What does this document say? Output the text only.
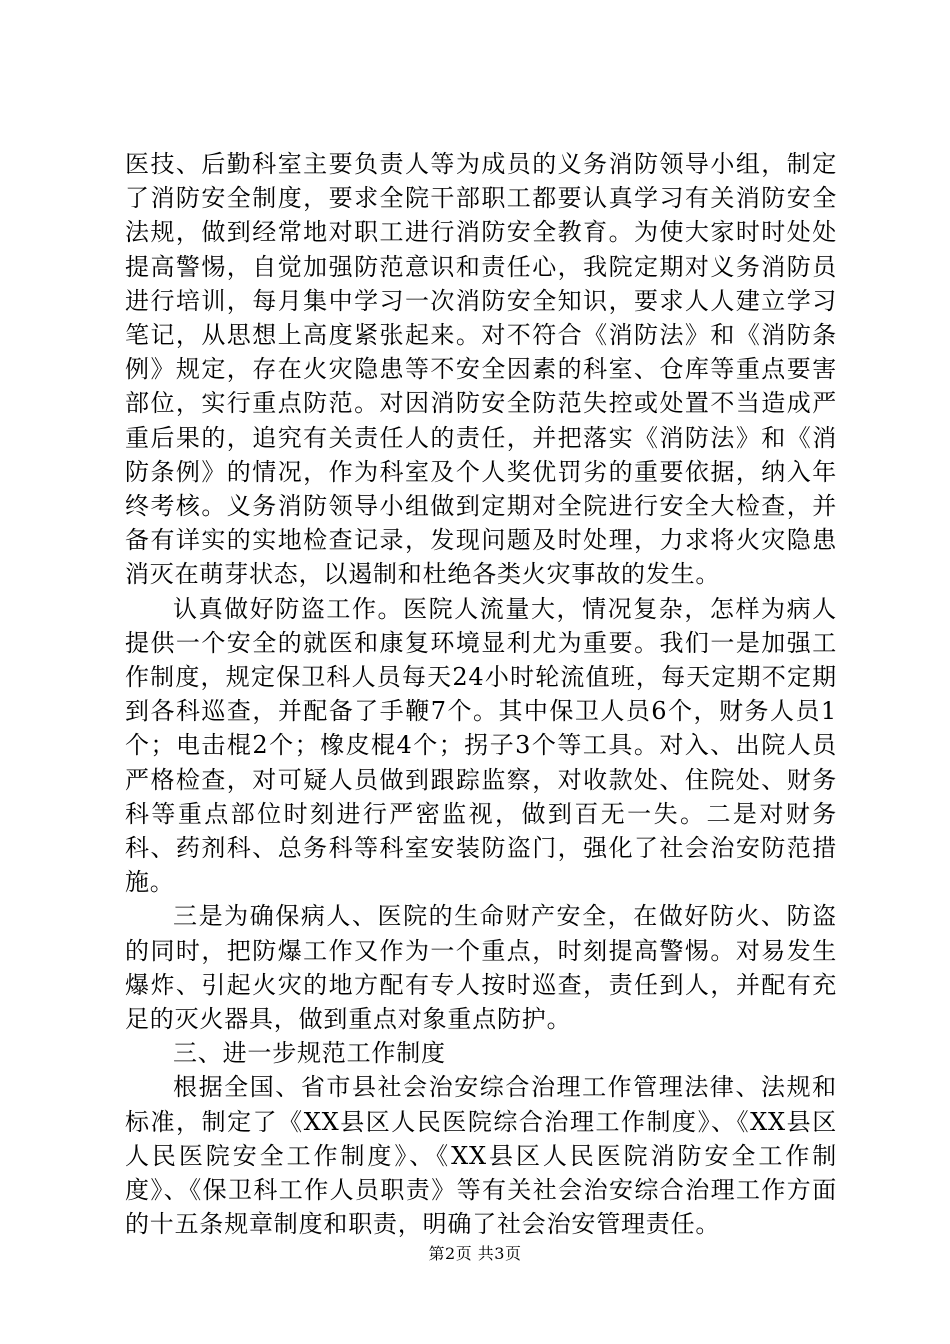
医技、后勤科室主要负责人等为成员的义务消防领导小组，制定了消防安全制度，要求全院干部职工都要认真学习有关消防安全法规，做到经常地对职工进行消防安全教育。为使大家时时处处提高警惕，自觉加强防范意识和责任心，我院定期对义务消防员进行培训，每月集中学习一次消防安全知识，要求人人建立学习笔记，从思想上高度紧张起来。对不符合《消防法》和《消防条例》规定，存在火灾隐患等不安全因素的科室、仓库等重点要害部位，实行重点防范。对因消防安全防范失控或处置不当造成严重后果的，追究有关责任人的责任，并把落实《消防法》和《消防条例》的情况，作为科室及个人奖优罚劣的重要依据，纳入年终考核。义务消防领导小组做到定期对全院进行安全大检查，并备有详实的实地检查记录，发现问题及时处理，力求将火灾隐患消灭在萌芽状态，以遏制和杜绝各类火灾事故的发生。

认真做好防盗工作。医院人流量大，情况复杂，怎样为病人提供一个安全的就医和康复环境显利尤为重要。我们一是加强工作制度，规定保卫科人员每天24小时轮流值班，每天定期不定期到各科巡查，并配备了手鞭7个。其中保卫人员6个，财务人员1个；电击棍2个；橡皮棍4个；拐子3个等工具。对入、出院人员严格检查，对可疑人员做到跟踪监察，对收款处、住院处、财务科等重点部位时刻进行严密监视，做到百无一失。二是对财务科、药剂科、总务科等科室安装防盗门，强化了社会治安防范措施。

三是为确保病人、医院的生命财产安全，在做好防火、防盗的同时，把防爆工作又作为一个重点，时刻提高警惕。对易发生爆炸、引起火灾的地方配有专人按时巡查，责任到人，并配有充足的灭火器具，做到重点对象重点防护。

三、进一步规范工作制度

根据全国、省市县社会治安综合治理工作管理法律、法规和标准，制定了《XX县区人民医院综合治理工作制度》、《XX县区人民医院安全工作制度》、《XX县区人民医院消防安全工作制度》、《保卫科工作人员职责》等有关社会治安综合治理工作方面的十五条规章制度和职责，明确了社会治安管理责任。

第2页 共3页
